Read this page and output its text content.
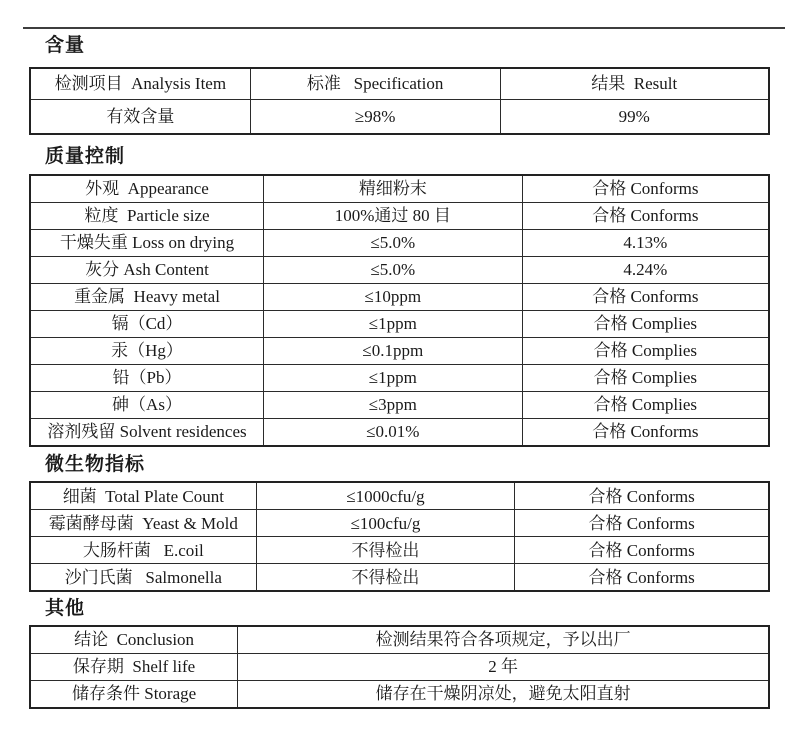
含量
检测项目  Analysis Item	标准   Specification	结果  Result
有效含量	≥98%	99%
质量控制
外观  Appearance	精细粉末	合格 Conforms
粒度  Particle size	100%通过 80 目	合格 Conforms
干燥失重 Loss on drying	≤5.0%	4.13%
灰分 Ash Content	≤5.0%	4.24%
重金属  Heavy metal	≤10ppm	合格 Conforms
镉（Cd）	≤1ppm	合格 Complies
汞（Hg）	≤0.1ppm	合格 Complies
铅（Pb）	≤1ppm	合格 Complies
砷（As）	≤3ppm	合格 Complies
溶剂残留 Solvent residences	≤0.01%	合格 Conforms
微生物指标
细菌  Total Plate Count	≤1000cfu/g	合格 Conforms
霉菌酵母菌  Yeast & Mold	≤100cfu/g	合格 Conforms
大肠杆菌   E.coil	不得检出	合格 Conforms
沙门氏菌   Salmonella	不得检出	合格 Conforms
其他
结论  Conclusion	检测结果符合各项规定，予以出厂
保存期  Shelf life	2 年
储存条件 Storage	储存在干燥阴凉处，避免太阳直射
